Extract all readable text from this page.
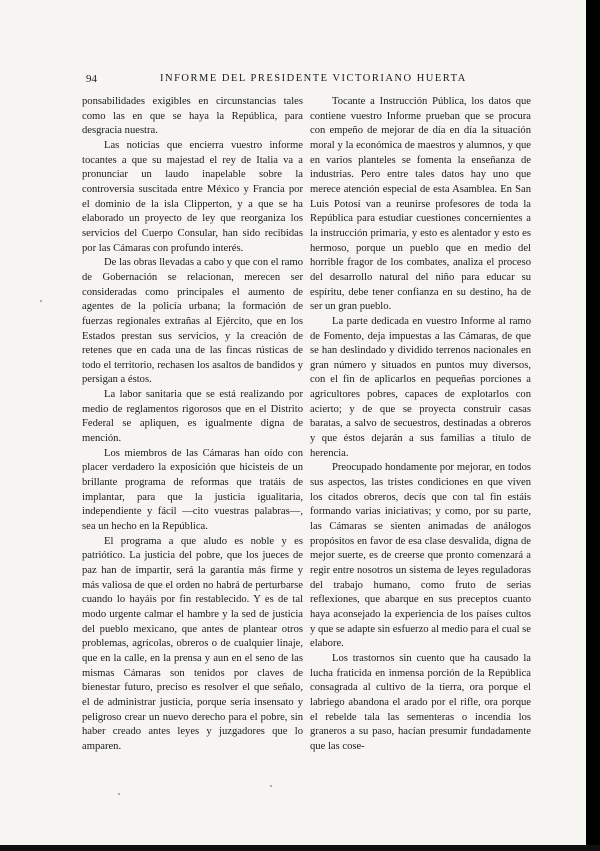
94	INFORME DEL PRESIDENTE VICTORIANO HUERTA

ponsabilidades exigibles en circunstancias tales como las en que se haya la República, para desgracia nuestra.

Las noticias que encierra vuestro informe tocantes a que su majestad el rey de Italia va a pronunciar un laudo inapelable sobre la controversia suscitada entre México y Francia por el dominio de la isla Clipperton, y a que se ha elaborado un proyecto de ley que reorganiza los servicios del Cuerpo Consular, han sido recibidas por las Cámaras con profundo interés.

De las obras llevadas a cabo y que con el ramo de Gobernación se relacionan, merecen ser consideradas como principales el aumento de agentes de la policía urbana; la formación de fuerzas regionales extrañas al Ejército, que en los Estados prestan sus servicios, y la creación de retenes que en cada una de las fincas rústicas de todo el territorio, rechasen los asaltos de bandidos y persigan a éstos.

La labor sanitaria que se está realizando por medio de reglamentos rigorosos que en el Distrito Federal se apliquen, es igualmente digna de mención.

Los miembros de las Cámaras han oído con placer verdadero la exposición que hicisteis de un brillante programa de reformas que tratáis de implantar, para que la justicia igualitaria, independiente y fácil —cito vuestras palabras—, sea un hecho en la República.

El programa a que aludo es noble y es patriótico. La justicia del pobre, que los jueces de paz han de impartir, será la garantía más firme y más valiosa de que el orden no habrá de perturbarse cuando lo hayáis por fin restablecido. Y es de tal modo urgente calmar el hambre y la sed de justicia del pueblo mexicano, que antes de plantear otros problemas, agrícolas, obreros o de cualquier linaje, que en la calle, en la prensa y aun en el seno de las mismas Cámaras son tenidos por claves de bienestar futuro, preciso es resolver el que señalo, el de administrar justicia, porque sería insensato y peligroso crear un nuevo derecho para el pobre, sin haber creado antes leyes y juzgadores que lo amparen.

Tocante a Instrucción Pública, los datos que contiene vuestro Informe prueban que se procura con empeño de mejorar de día en día la situación moral y la económica de maestros y alumnos, y que en varios planteles se fomenta la enseñanza de industrias. Pero entre tales datos hay uno que merece atención especial de esta Asamblea. En San Luis Potosí van a reunirse profesores de toda la República para estudiar cuestiones concernientes a la instrucción primaria, y esto es alentador y esto es hermoso, porque un pueblo que en medio del horrible fragor de los combates, analiza el proceso del desarrollo natural del niño para educar su espíritu, debe tener confianza en su destino, ha de ser un gran pueblo.

La parte dedicada en vuestro Informe al ramo de Fomento, deja impuestas a las Cámaras, de que se han deslindado y dividido terrenos nacionales en gran número y situados en puntos muy diversos, con el fin de aplicarlos en pequeñas porciones a agricultores pobres, capaces de explotarlos con acierto; y de que se proyecta construir casas baratas, a salvo de secuestros, destinadas a obreros y que éstos dejarán a sus familias a título de herencia.

Preocupado hondamente por mejorar, en todos sus aspectos, las tristes condiciones en que viven los citados obreros, decís que con tal fin estáis formando varias iniciativas; y como, por su parte, las Cámaras se sienten animadas de análogos propósitos en favor de esa clase desvalida, digna de mejor suerte, es de creerse que pronto comenzará a regir entre nosotros un sistema de leyes reguladoras del trabajo humano, como fruto de serias reflexiones, que abarque en sus preceptos cuanto haya aconsejado la experiencia de los países cultos y que se adapte sin esfuerzo al medio para el cual se elabore.

Los trastornos sin cuento que ha causado la lucha fraticida en inmensa porción de la República consagrada al cultivo de la tierra, ora porque el labriego abandona el arado por el rifle, ora porque el rebelde tala las sementeras o incendia los graneros a su paso, hacían presumir fundadamente que las cose-
